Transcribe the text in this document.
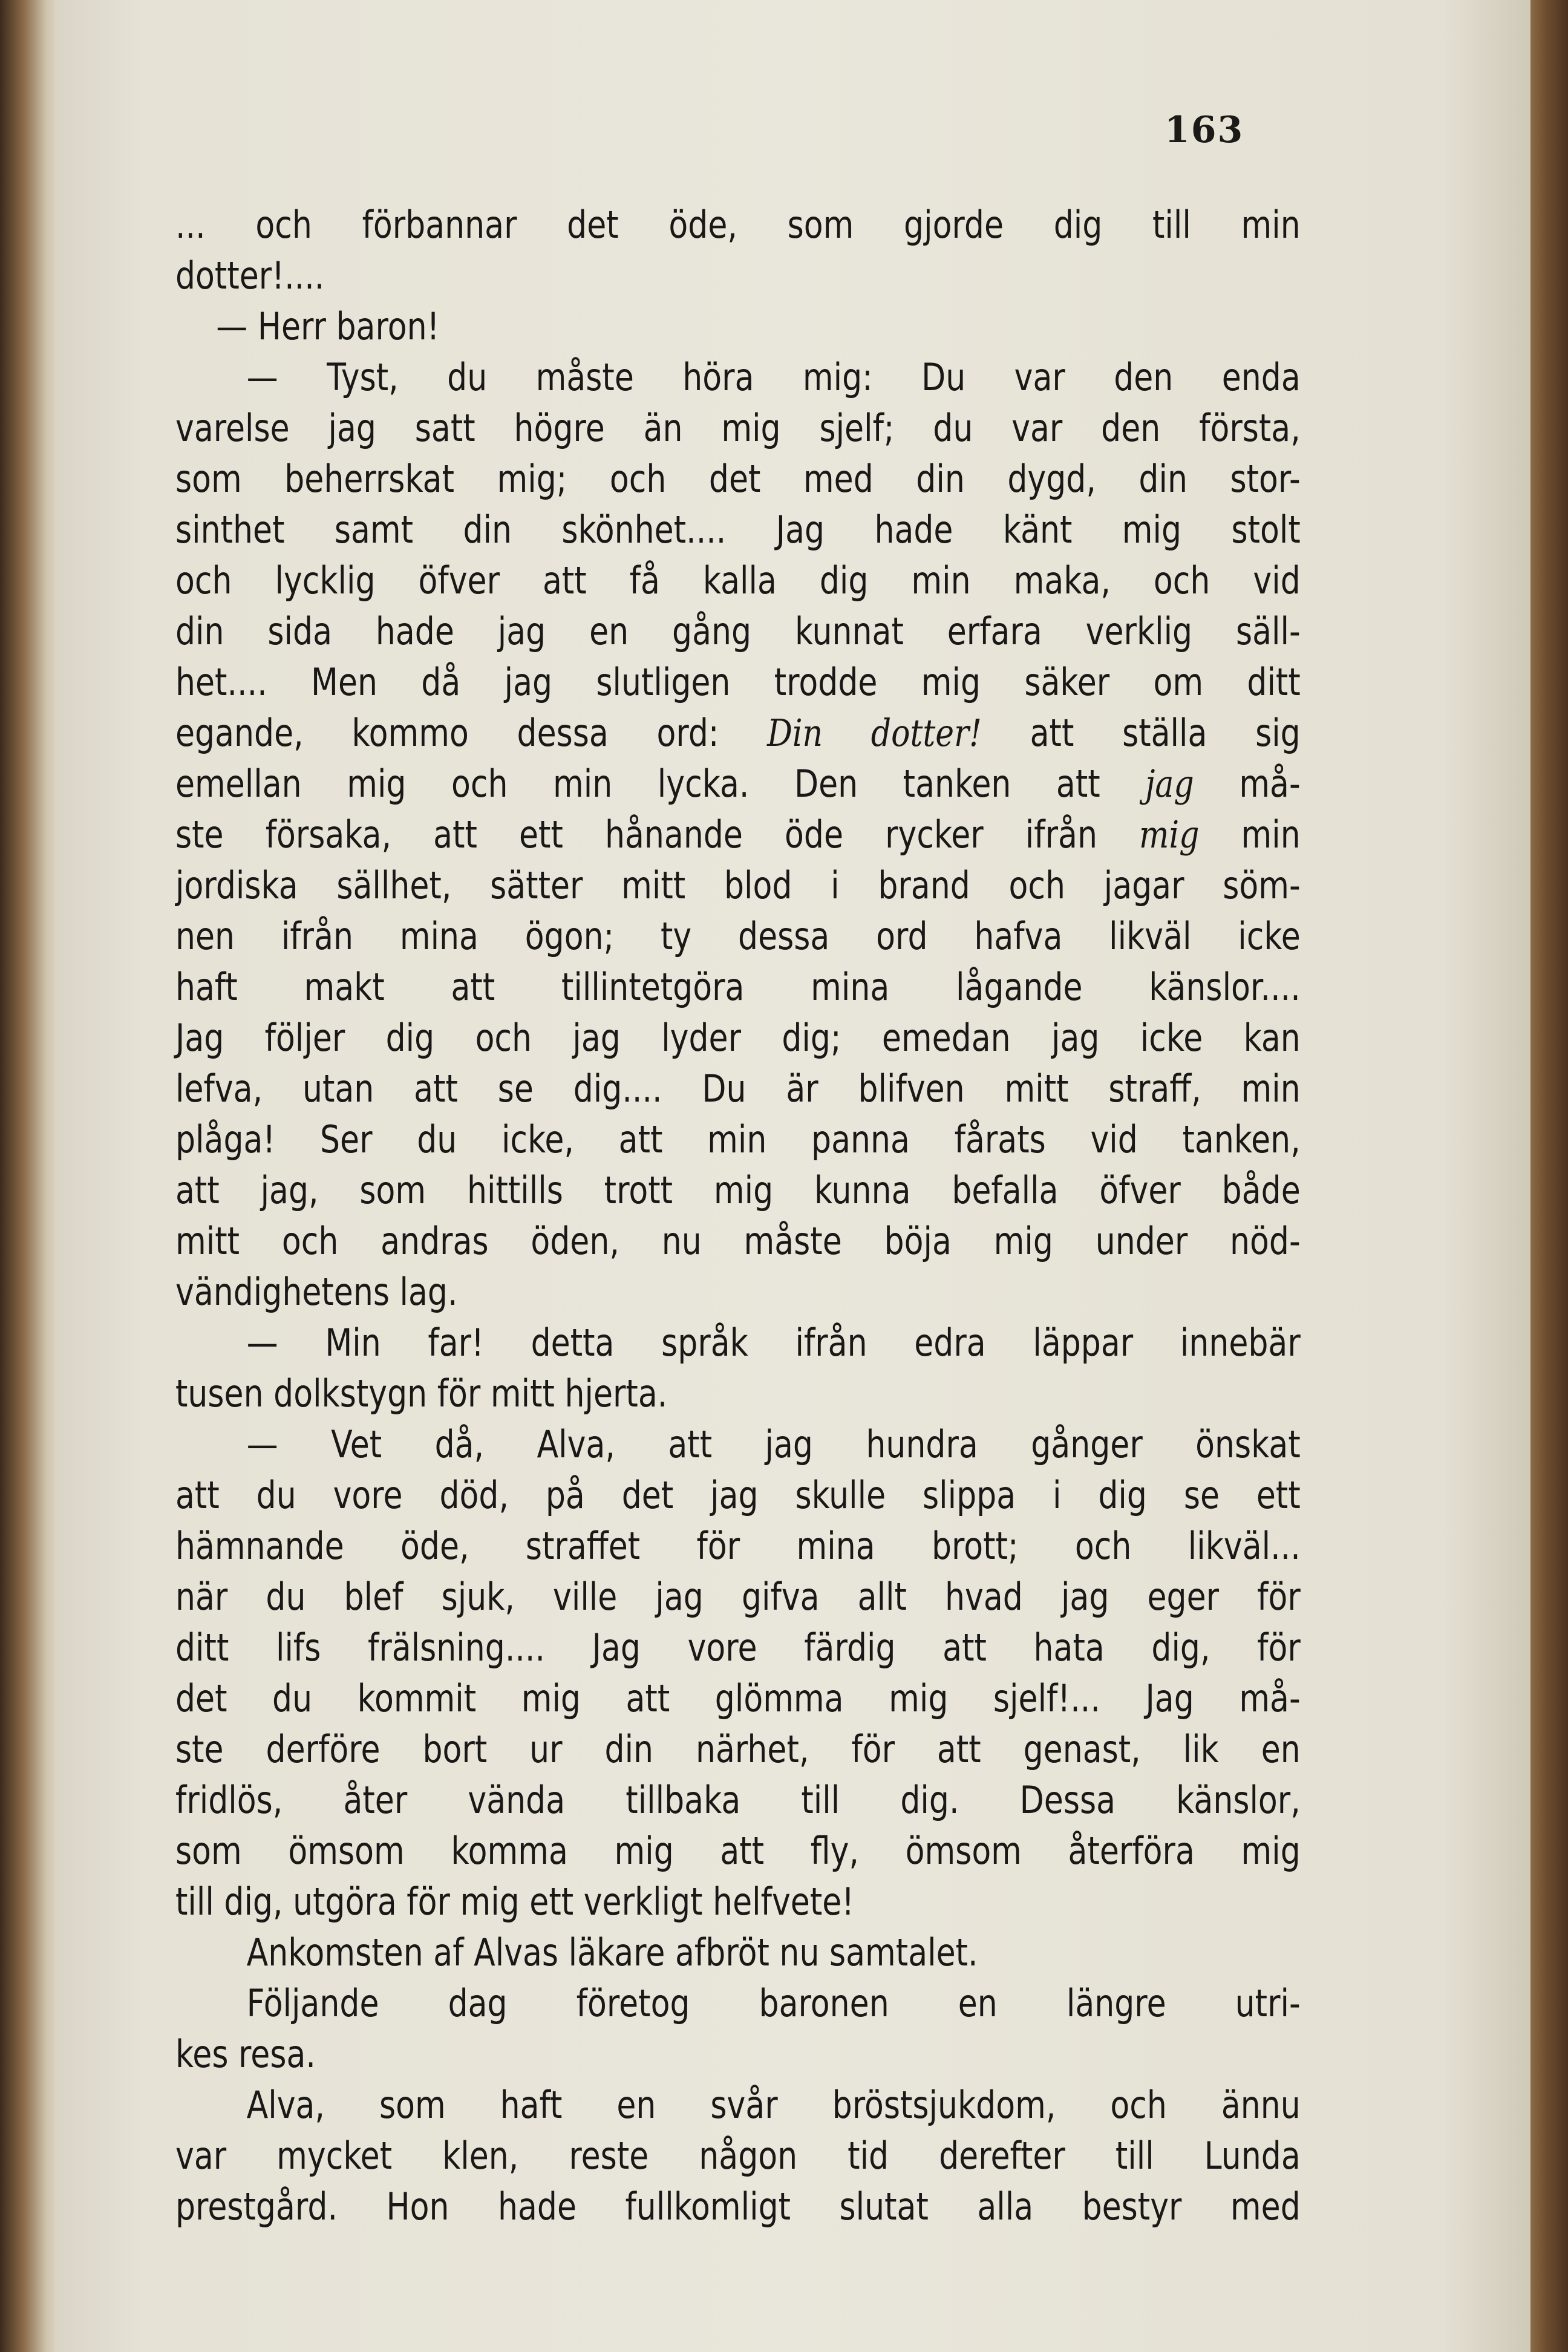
163
... och förbannar det öde, som gjorde dig till min
dotter!....
— Herr baron!
— Tyst, du måste höra mig: Du var den enda
varelse jag satt högre än mig sjelf; du var den första,
som beherrskat mig; och det med din dygd, din stor-
sinthet samt din skönhet.... Jag hade känt mig stolt
och lycklig öfver att få kalla dig min maka, och vid
din sida hade jag en gång kunnat erfara verklig säll-
het.... Men då jag slutligen trodde mig säker om ditt
egande, kommo dessa ord: Din dotter! att ställa sig
emellan mig och min lycka. Den tanken att jag må-
ste försaka, att ett hånande öde rycker ifrån mig min
jordiska sällhet, sätter mitt blod i brand och jagar söm-
nen ifrån mina ögon; ty dessa ord hafva likväl icke
haft makt att tillintetgöra mina lågande känslor....
Jag följer dig och jag lyder dig; emedan jag icke kan
lefva, utan att se dig.... Du är blifven mitt straff, min
plåga! Ser du icke, att min panna fårats vid tanken,
att jag, som hittills trott mig kunna befalla öfver både
mitt och andras öden, nu måste böja mig under nöd-
vändighetens lag.
— Min far! detta språk ifrån edra läppar innebär
tusen dolkstygn för mitt hjerta.
— Vet då, Alva, att jag hundra gånger önskat
att du vore död, på det jag skulle slippa i dig se ett
hämnande öde, straffet för mina brott; och likväl...
när du blef sjuk, ville jag gifva allt hvad jag eger för
ditt lifs frälsning.... Jag vore färdig att hata dig, för
det du kommit mig att glömma mig sjelf!... Jag må-
ste derföre bort ur din närhet, för att genast, lik en
fridlös, åter vända tillbaka till dig. Dessa känslor,
som ömsom komma mig att fly, ömsom återföra mig
till dig, utgöra för mig ett verkligt helfvete!
Ankomsten af Alvas läkare afbröt nu samtalet.
Följande dag företog baronen en längre utri-
kes resa.
Alva, som haft en svår bröstsjukdom, och ännu
var mycket klen, reste någon tid derefter till Lunda
prestgård. Hon hade fullkomligt slutat alla bestyr med
